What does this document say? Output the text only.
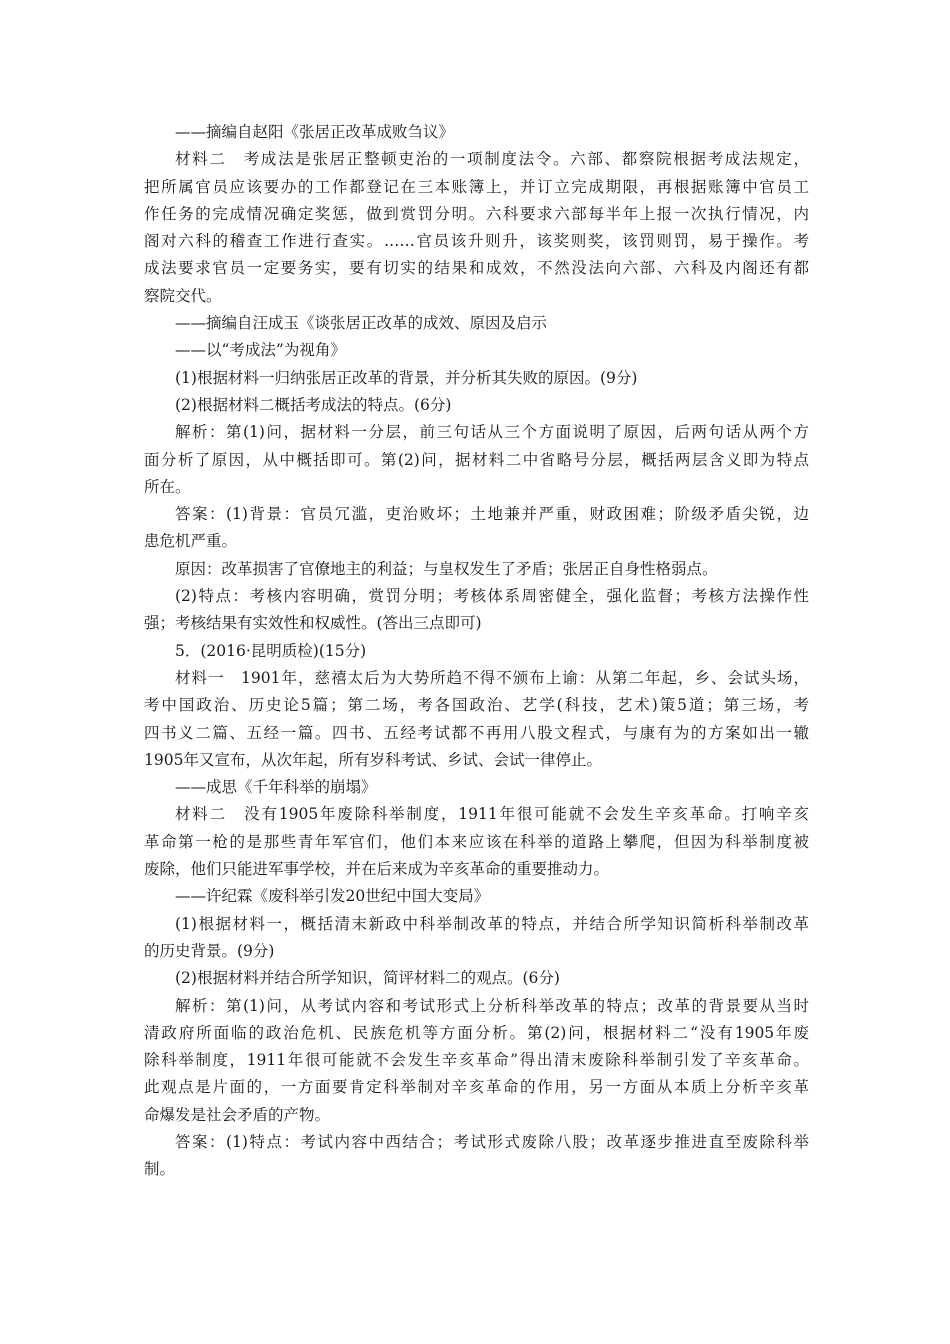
——摘编自赵阳《张居正改革成败刍议》
材料二　考成法是张居正整顿吏治的一项制度法令。六部、都察院根据考成法规定，
把所属官员应该要办的工作都登记在三本账簿上，并订立完成期限，再根据账簿中官员工
作任务的完成情况确定奖惩，做到赏罚分明。六科要求六部每半年上报一次执行情况，内
阁对六科的稽查工作进行查实。……官员该升则升，该奖则奖，该罚则罚，易于操作。考
成法要求官员一定要务实，要有切实的结果和成效，不然没法向六部、六科及内阁还有都
察院交代。
——摘编自汪成玉《谈张居正改革的成效、原因及启示
——以“考成法”为视角》
(1)根据材料一归纳张居正改革的背景，并分析其失败的原因。(9分)
(2)根据材料二概括考成法的特点。(6分)
解析：第(1)问，据材料一分层，前三句话从三个方面说明了原因，后两句话从两个方
面分析了原因，从中概括即可。第(2)问，据材料二中省略号分层，概括两层含义即为特点
所在。
答案：(1)背景：官员冗滥，吏治败坏；土地兼并严重，财政困难；阶级矛盾尖锐，边
患危机严重。
原因：改革损害了官僚地主的利益；与皇权发生了矛盾；张居正自身性格弱点。
(2)特点：考核内容明确，赏罚分明；考核体系周密健全，强化监督；考核方法操作性
强；考核结果有实效性和权威性。(答出三点即可)
5．(2016·昆明质检)(15分)
材料一　1901年，慈禧太后为大势所趋不得不颁布上谕：从第二年起，乡、会试头场，
考中国政治、历史论5篇；第二场，考各国政治、艺学(科技，艺术)策5道；第三场，考
四书义二篇、五经一篇。四书、五经考试都不再用八股文程式，与康有为的方案如出一辙
1905年又宣布，从次年起，所有岁科考试、乡试、会试一律停止。
——成思《千年科举的崩塌》
材料二　没有1905年废除科举制度，1911年很可能就不会发生辛亥革命。打响辛亥
革命第一枪的是那些青年军官们，他们本来应该在科举的道路上攀爬，但因为科举制度被
废除，他们只能进军事学校，并在后来成为辛亥革命的重要推动力。
——许纪霖《废科举引发20世纪中国大变局》
(1)根据材料一，概括清末新政中科举制改革的特点，并结合所学知识简析科举制改革
的历史背景。(9分)
(2)根据材料并结合所学知识，简评材料二的观点。(6分)
解析：第(1)问，从考试内容和考试形式上分析科举改革的特点；改革的背景要从当时
清政府所面临的政治危机、民族危机等方面分析。第(2)问，根据材料二“没有1905年废
除科举制度，1911年很可能就不会发生辛亥革命”得出清末废除科举制引发了辛亥革命。
此观点是片面的，一方面要肯定科举制对辛亥革命的作用，另一方面从本质上分析辛亥革
命爆发是社会矛盾的产物。
答案：(1)特点：考试内容中西结合；考试形式废除八股；改革逐步推进直至废除科举
制。
